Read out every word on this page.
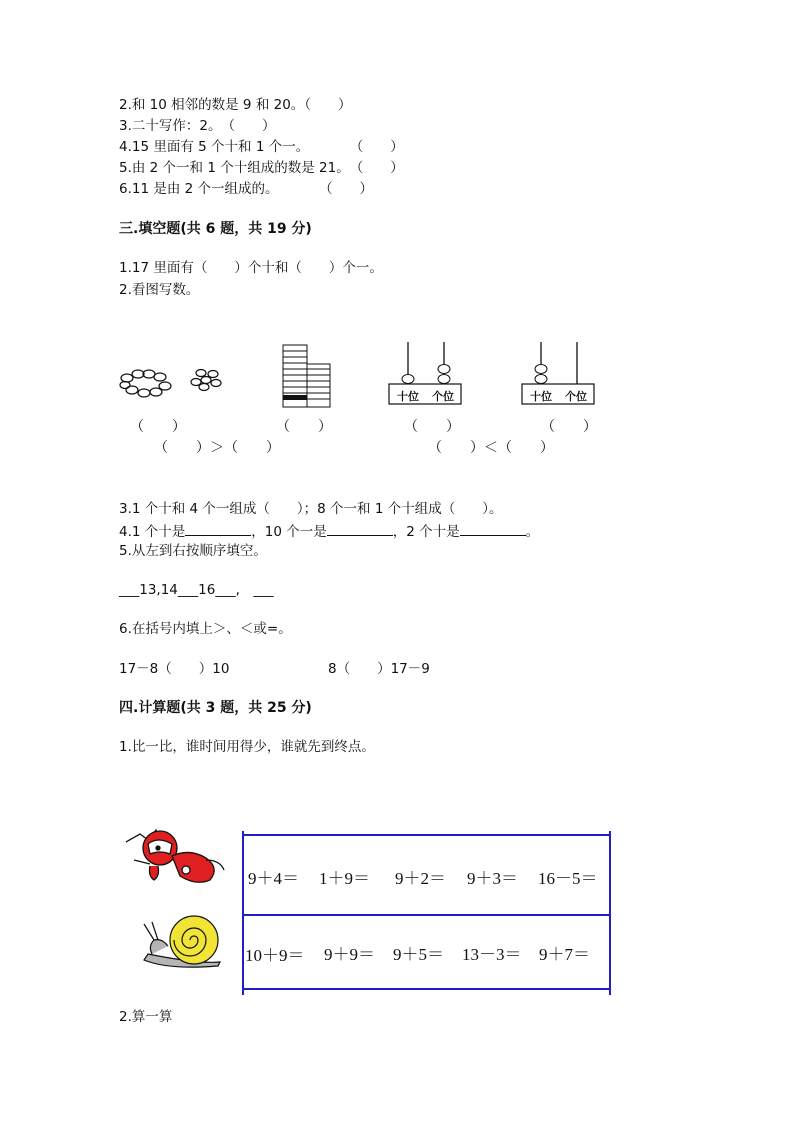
2.和 10 相邻的数是 9 和 20。（　　）
3.二十写作：2。　（　　）
4.15 里面有 5 个十和 1 个一。　　　　（　　）
5.由 2 个一和 1 个十组成的数是 21。　（　　）
6.11 是由 2 个一组成的。　　　　（　　）
三.填空题(共 6 题，共 19 分)
1.17 里面有（　　）个十和（　　）个一。
2.看图写数。
十位 个位	十位 个位
（　　）	（　　）	（　　）	（　　）
（　　）＞（　　）	（　　）＜（　　）
3.1 个十和 4 个一组成（　　）；8 个一和 1 个十组成（　　）。
4.1 个十是	，10 个一是	，2 个十是	。
5.从左到右按顺序填空。
___13,14___16___,　___
6.在括号内填上＞、＜或=。
17－8（　　）10	8（　　）17－9
四.计算题(共 3 题，共 25 分)
1.比一比，谁时间用得少，谁就先到终点。
9＋4＝ 1＋9＝ 9＋2＝ 9＋3＝ 16－5＝
10＋9＝ 9＋9＝ 9＋5＝ 13－3＝ 9＋7＝
2.算一算
